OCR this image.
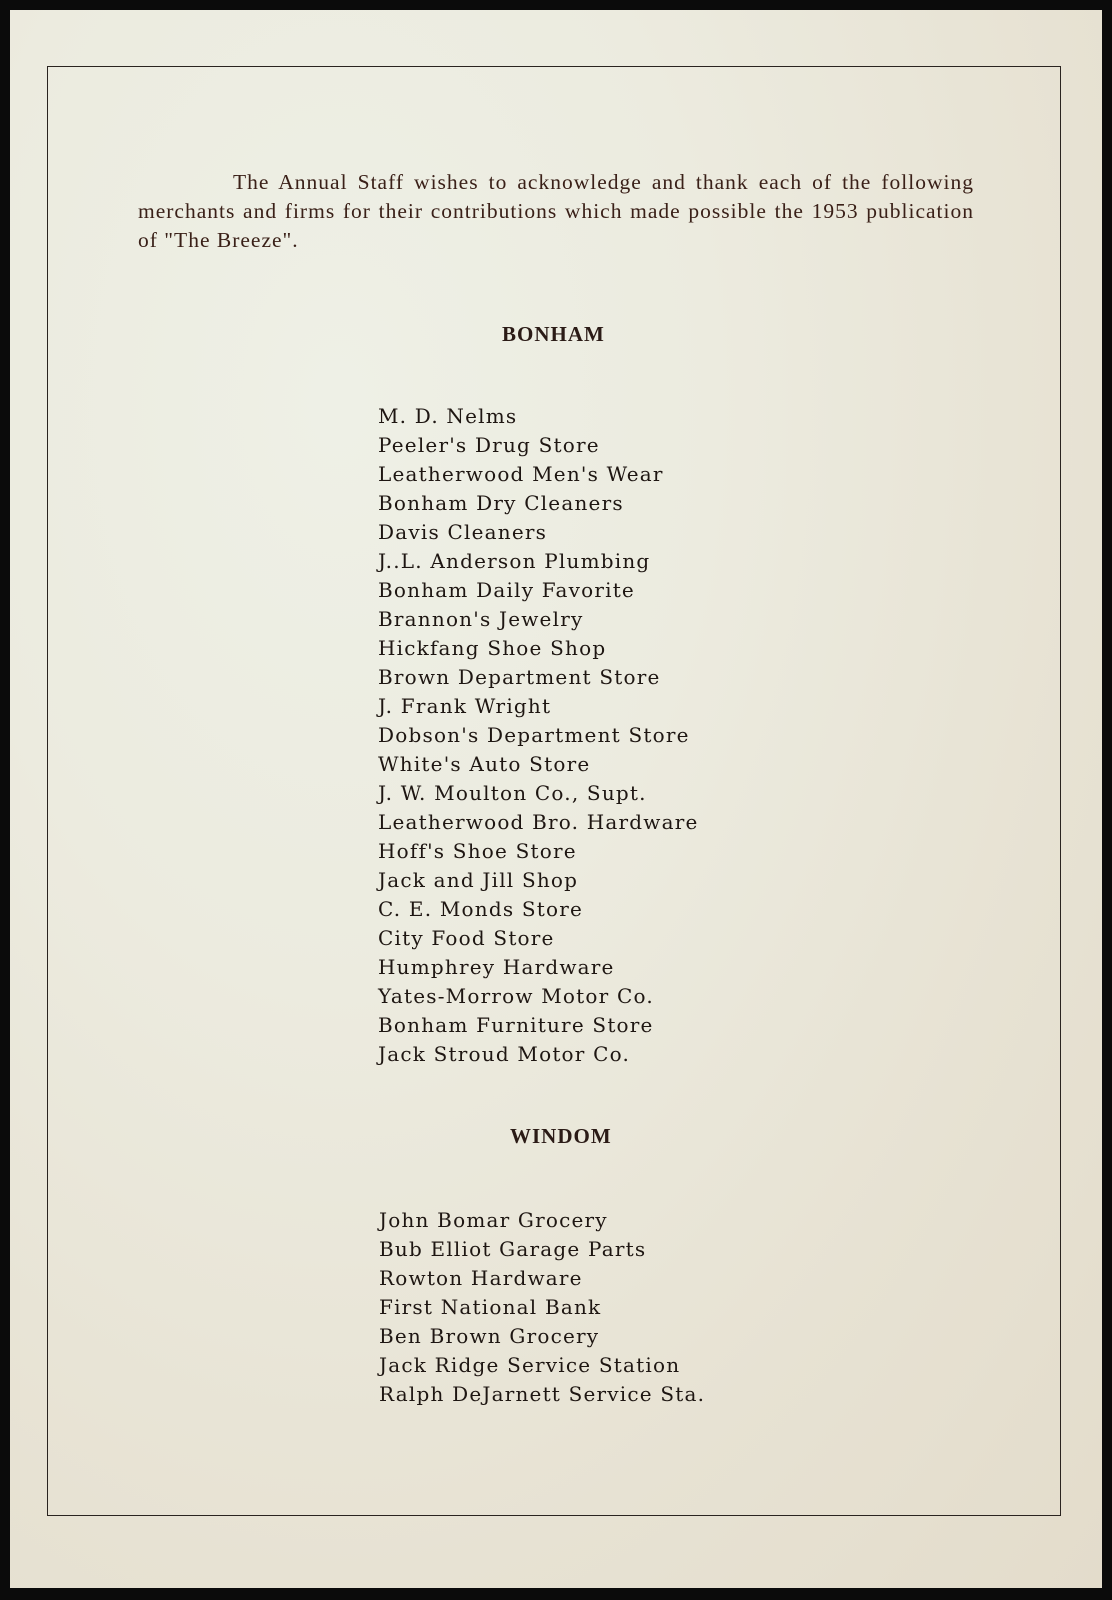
The Annual Staff wishes to acknowledge and thank each of the following merchants and firms for their contributions which made possible the 1953 publication of "The Breeze".

BONHAM
M. D. Nelms
Peeler's Drug Store
Leatherwood Men's Wear
Bonham Dry Cleaners
Davis Cleaners
J..L. Anderson Plumbing
Bonham Daily Favorite
Brannon's Jewelry
Hickfang Shoe Shop
Brown Department Store
J. Frank Wright
Dobson's Department Store
White's Auto Store
J. W. Moulton Co., Supt.
Leatherwood Bro. Hardware
Hoff's Shoe Store
Jack and Jill Shop
C. E. Monds Store
City Food Store
Humphrey Hardware
Yates-Morrow Motor Co.
Bonham Furniture Store
Jack Stroud Motor Co.
WINDOM
John Bomar Grocery
Bub Elliot Garage Parts
Rowton Hardware
First National Bank
Ben Brown Grocery
Jack Ridge Service Station
Ralph DeJarnett Service Sta.
